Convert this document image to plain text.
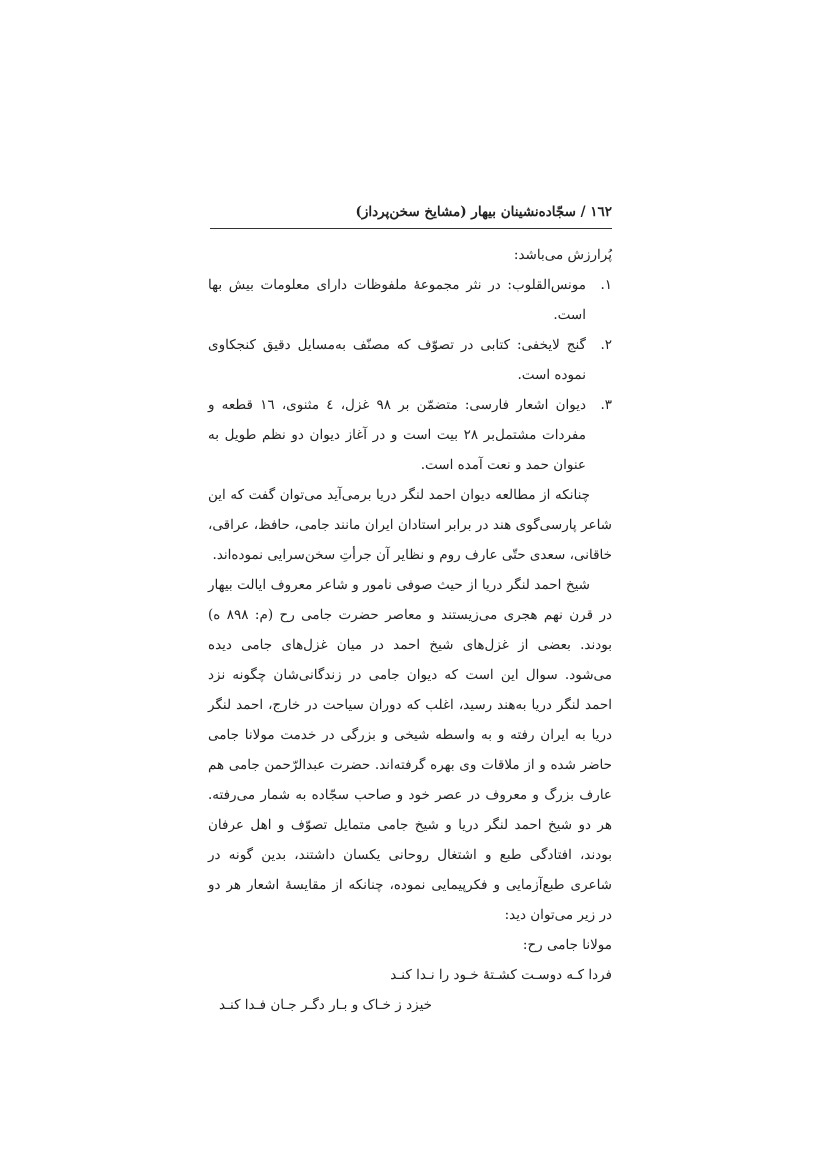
١٦٢ / سجّاده‌نشینان بیهار (مشایخ سخن‌پرداز)

پُرارزش می‌باشد:

١.
مونس‌القلوب: در نثر مجموعهٔ ملفوظات دارای معلومات بیش بها است.
٢.
گنج لایخفی: کتابی در تصوّف که مصنّف به‌مسایل دقیق کنجکاوی نموده است.
٣.
دیوان اشعار فارسی: متضمّن بر ٩٨ غزل، ٤ مثنوی، ١٦ قطعه و مفردات مشتمل‌بر ٢٨ بیت است و در آغاز دیوان دو نظم طویل به عنوان حمد و نعت آمده است.

چنانکه از مطالعه دیوان احمد لنگر دریا برمی‌آید می‌توان گفت که این شاعر پارسی‌گوی هند در برابر استادان ایران مانند جامی، حافظ، عراقی، خاقانی، سعدی حتّی عارف روم و نظایر آن جرأتِ سخن‌سرایی نموده‌اند.

شیخ احمد لنگر دریا از حیث صوفی نامور و شاعر معروف ایالت بیهار در قرن نهم هجری می‌زیستند و معاصر حضرت جامی رح (م: ٨٩٨ ه) بودند. بعضی از غزل‌های شیخ احمد در میان غزل‌های جامی دیده می‌شود. سوال این است که دیوان جامی در زندگانی‌شان چگونه نزد احمد لنگر دریا به‌هند رسید، اغلب که دوران سیاحت در خارج، احمد لنگر دریا به ایران رفته و به واسطه شیخی و بزرگی در خدمت مولانا جامی حاضر شده و از ملاقات وی بهره گرفته‌اند. حضرت عبدالرّحمن جامی هم عارف بزرگ و معروف در عصر خود و صاحب سجّاده به شمار می‌رفته. هر دو شیخ احمد لنگر دریا و شیخ جامی متمایل تصوّف و اهل عرفان بودند، افتادگی طبع و اشتغال روحانی یکسان داشتند، بدین گونه در شاعری طبع‌آزمایی و فکرپیمایی نموده، چنانکه از مقایسهٔ اشعار هر دو در زیر می‌توان دید:

مولانا جامی رح:

فردا کـه دوسـت کشـتهٔ خـود را نـدا کنـد

خیزد ز خـاک و بـار دگـر جـان فـدا کنـد
